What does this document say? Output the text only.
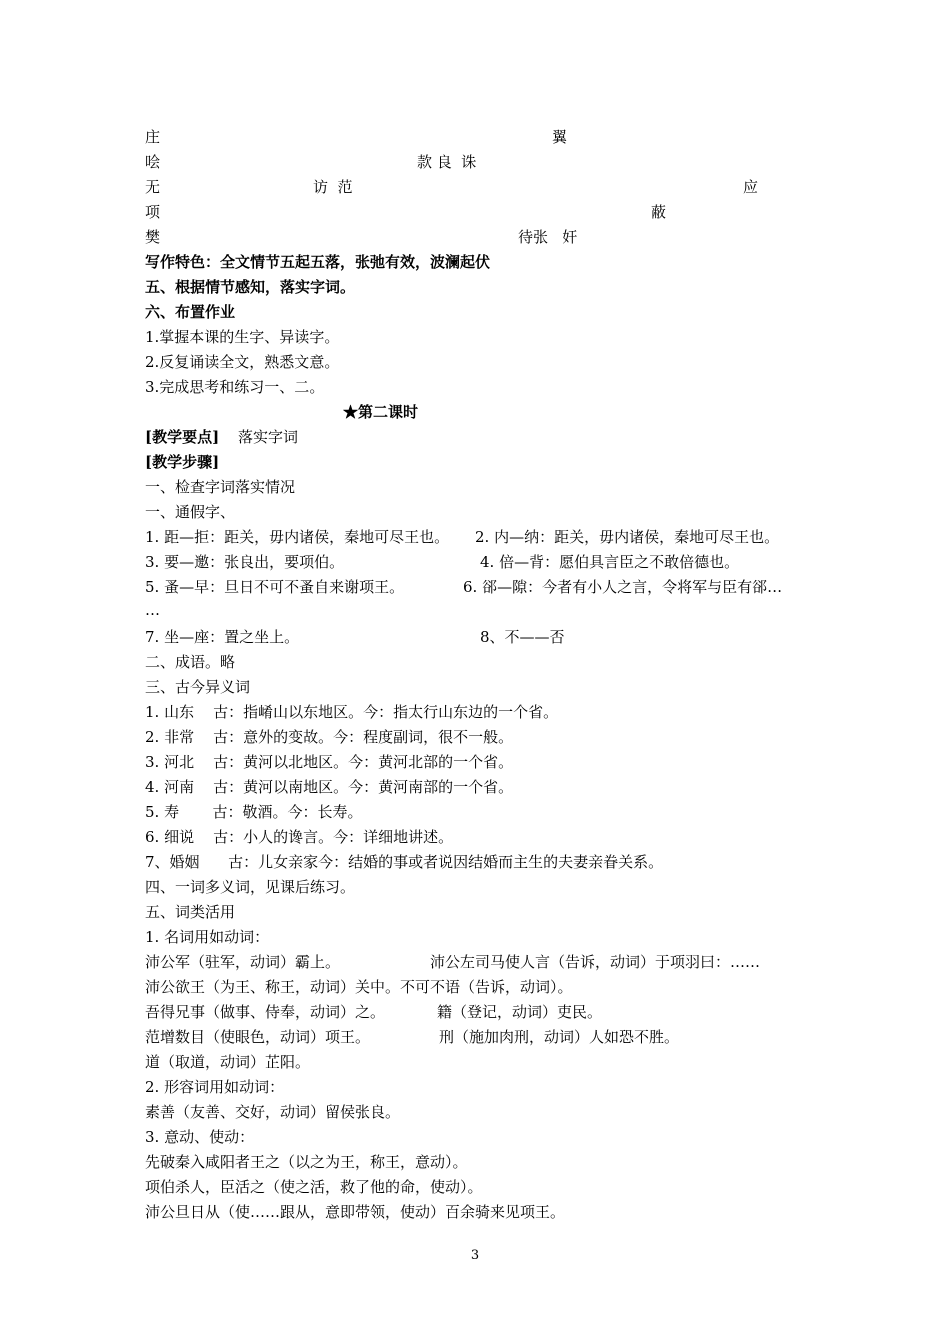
庄	翼
哙	款 良  诛
无	访  范	应
项	蔽
樊	待张   奸
写作特色：全文情节五起五落，张弛有效，波澜起伏
五、根据情节感知，落实字词。
六、布置作业
1.掌握本课的生字、异读字。
2.反复诵读全文，熟悉文意。
3.完成思考和练习一、二。
★第二课时
[教学要点] 落实字词
[教学步骤]
一、检查字词落实情况
一、通假字、
1. 距—拒：距关，毋内诸侯，秦地可尽王也。 2. 内—纳：距关，毋内诸侯，秦地可尽王也。
3. 要—邀：张良出，要项伯。	4. 倍—背：愿伯具言臣之不敢倍德也。
5. 蚤—早：旦日不可不蚤自来谢项王。	6. 郤—隙：今者有小人之言，令将军与臣有郤…
…
7. 坐—座：置之坐上。	8、不——否
二、成语。略
三、古今异义词
1. 山东    古：指崤山以东地区。今：指太行山东边的一个省。
2. 非常    古：意外的变故。今：程度副词，很不一般。
3. 河北    古：黄河以北地区。今：黄河北部的一个省。
4. 河南    古：黄河以南地区。今：黄河南部的一个省。
5. 寿       古：敬酒。今：长寿。
6. 细说    古：小人的谗言。今：详细地讲述。
7、婚姻      古：儿女亲家今：结婚的事或者说因结婚而主生的夫妻亲眷关系。
四、一词多义词，见课后练习。
五、词类活用
1. 名词用如动词：
沛公军（驻军，动词）霸上。	沛公左司马使人言（告诉，动词）于项羽曰：……
沛公欲王（为王、称王，动词）关中。不可不语（告诉，动词）。
吾得兄事（做事、侍奉，动词）之。	籍（登记，动词）吏民。
范增数目（使眼色，动词）项王。	刑（施加肉刑，动词）人如恐不胜。
道（取道，动词）芷阳。
2. 形容词用如动词：
素善（友善、交好，动词）留侯张良。
3. 意动、使动：
先破秦入咸阳者王之（以之为王，称王，意动）。
项伯杀人，臣活之（使之活，救了他的命，使动）。
沛公旦日从（使……跟从，意即带领，使动）百余骑来见项王。
3
